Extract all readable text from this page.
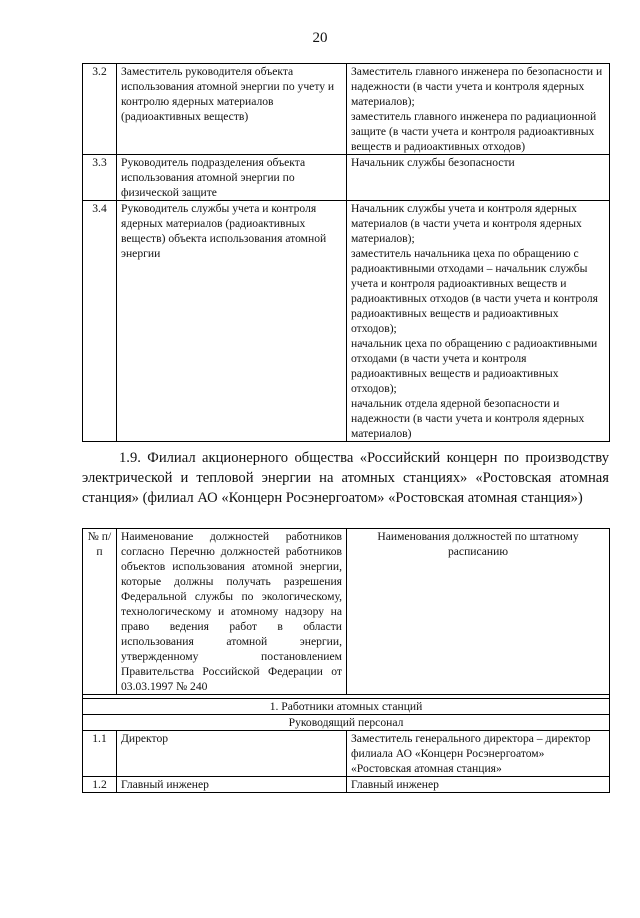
20
3.2	Заместитель руководителя объекта использования атомной энергии по учету и контролю ядерных материалов (радиоактивных веществ)	Заместитель главного инженера по безопасности и надежности (в части учета и контроля ядерных материалов);
заместитель главного инженера по радиационной защите (в части учета и контроля радиоактивных веществ и радиоактивных отходов)

3.3	Руководитель подразделения объекта использования атомной энергии по физической защите	Начальник службы безопасности
3.4	Руководитель службы учета и контроля ядерных материалов (радиоактивных веществ) объекта использования атомной энергии	Начальник службы учета и контроля ядерных материалов (в части учета и контроля ядерных материалов);
заместитель начальника цеха по обращению с радиоактивными отходами – начальник службы учета и контроля радиоактивных веществ и радиоактивных отходов (в части учета и контроля радиоактивных веществ и радиоактивных отходов);
начальник цеха по обращению с радиоактивными отходами (в части учета и контроля радиоактивных веществ и радиоактивных отходов);
начальник отдела ядерной безопасности и надежности (в части учета и контроля ядерных материалов)
1.9. Филиал акционерного общества «Российский концерн по производству электрической и тепловой энергии на атомных станциях» «Ростовская атомная станция» (филиал АО «Концерн Росэнергоатом» «Ростовская атомная станция»)
№ п/п	Наименование должностей работников согласно Перечню должностей работников объектов использования атомной энергии, которые должны получать разрешения Федеральной службы по экологическому, технологическому и атомному надзору на право ведения работ в области использования атомной энергии, утвержденному постановлением Правительства Российской Федерации от 03.03.1997 № 240	Наименования должностей по штатному расписанию

1. Работники атомных станций		
Руководящий персонал		
1.1	Директор	Заместитель генерального директора – директор филиала АО «Концерн Росэнергоатом» «Ростовская атомная станция»
1.2	Главный инженер	Главный инженер
